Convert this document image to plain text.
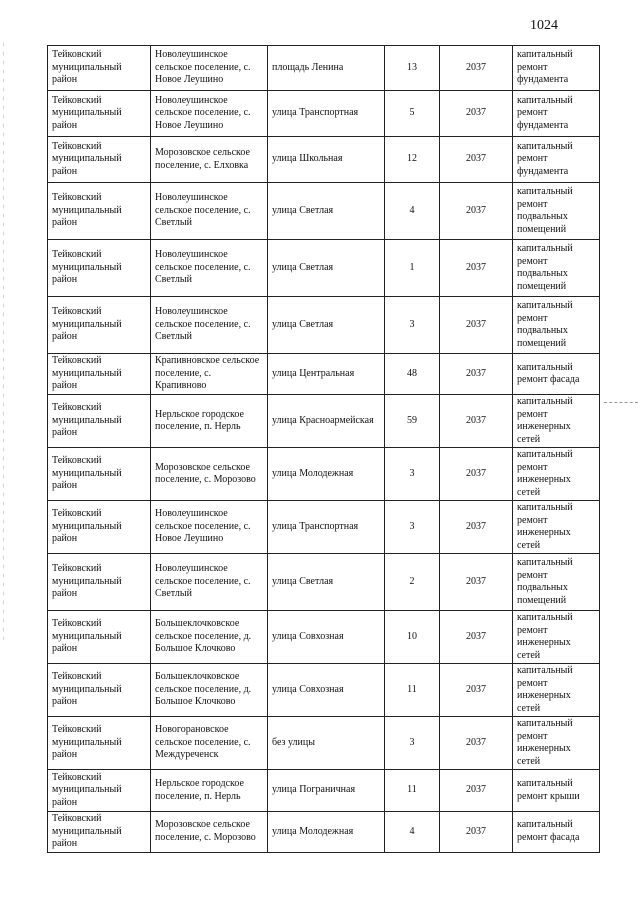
1024
Тейковский муниципальный район	Новолеушинское сельское поселение, с. Новое Леушино	площадь Ленина	13	2037	капитальный ремонт фундамента
Тейковский муниципальный район	Новолеушинское сельское поселение, с. Новое Леушино	улица Транспортная	5	2037	капитальный ремонт фундамента
Тейковский муниципальный район	Морозовское сельское поселение, с. Елховка	улица Школьная	12	2037	капитальный ремонт фундамента
Тейковский муниципальный район	Новолеушинское сельское поселение, с. Светлый	улица Светлая	4	2037	капитальный ремонт подвальных помещений
Тейковский муниципальный район	Новолеушинское сельское поселение, с. Светлый	улица Светлая	1	2037	капитальный ремонт подвальных помещений
Тейковский муниципальный район	Новолеушинское сельское поселение, с. Светлый	улица Светлая	3	2037	капитальный ремонт подвальных помещений
Тейковский муниципальный район	Крапивновское сельское поселение, с. Крапивново	улица Центральная	48	2037	капитальный ремонт фасада
Тейковский муниципальный район	Нерльское городское поселение, п. Нерль	улица Красноармейская	59	2037	капитальный ремонт инженерных сетей
Тейковский муниципальный район	Морозовское сельское поселение, с. Морозово	улица Молодежная	3	2037	капитальный ремонт инженерных сетей
Тейковский муниципальный район	Новолеушинское сельское поселение, с. Новое Леушино	улица Транспортная	3	2037	капитальный ремонт инженерных сетей
Тейковский муниципальный район	Новолеушинское сельское поселение, с. Светлый	улица Светлая	2	2037	капитальный ремонт подвальных помещений
Тейковский муниципальный район	Большеклочковское сельское поселение, д. Большое Клочково	улица Совхозная	10	2037	капитальный ремонт инженерных сетей
Тейковский муниципальный район	Большеклочковское сельское поселение, д. Большое Клочково	улица Совхозная	11	2037	капитальный ремонт инженерных сетей
Тейковский муниципальный район	Новогорановское сельское поселение, с. Междуреченск	без улицы	3	2037	капитальный ремонт инженерных сетей
Тейковский муниципальный район	Нерльское городское поселение, п. Нерль	улица Пограничная	11	2037	капитальный ремонт крыши
Тейковский муниципальный район	Морозовское сельское поселение, с. Морозово	улица Молодежная	4	2037	капитальный ремонт фасада
